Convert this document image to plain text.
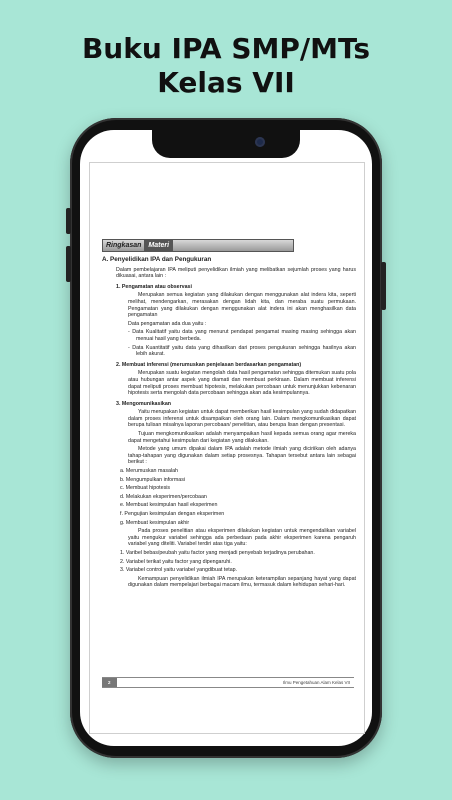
Buku IPA SMP/MTs
Kelas VII
Ringkasan Materi

A. Penyelidikan IPA dan Pengukuran

Dalam pembelajaran IPA meliputi penyelidikan ilmiah yang melibatkan sejumlah proses yang harus dikuasai, antara lain :

1. Pengamatan atau observasi

Merupakan semua kegiatan yang dilakukan dengan menggunakan alat indera kita, seperti melihat, mendengarkan, merasakan dengan lidah kita, dan meraba suatu permukaan. Pengamatan yang dilakukan dengan menggunakan alat indera ini akan menghasilkan data pengamatan

Data pengamatan ada dua yaitu :

- Data Kualitatif yaitu data yang menurut pendapat pengamat masing masing sehingga akan menuai hasil yang berbeda.

- Data Kuantitatif yaitu data yang dihasilkan dari proses pengukuran sehingga hasilnya akan lebih akurat.

2. Membuat inferensi (merumuskan penjelasan berdasarkan pengamatan)

Merupakan suatu kegiatan mengolah data hasil pengamatan sehingga ditemukan suatu pola atau hubungan antar aspek yang diamati dan membuat perkiraan. Dalam membuat inferensi dapat meliputi proses membuat hipotesis, melakukan percobaan untuk menunjukkan kebenaran hipotesis serta mengolah data percobaan sehingga akan ada kesimpulannya.

3. Mengomunikasikan

Yaitu merupakan kegiatan untuk dapat memberikan hasil kesimpulan yang sudah didapatkan dalam proses inferensi untuk disampaikan oleh orang lain. Dalam mengkomunikasikan dapat berupa tulisan misalnya laporan percobaan/ penelitian, atau berupa lisan dengan presentasi.

Tujuan mengkomunikasikan adalah menyampaikan hasil kepada semua orang agar mereka dapat mengetahui kesimpulan dari kegiatan yang dilakukan.

Metode yang umum dipakai dalam IPA adalah metode ilmiah yang diciriikan oleh adanya tahap-tahapan yang digunakan dalam setiap prosesnya. Tahapan tersebut antara lain sebagai berikut :

a. Merumuskan masalah

b. Mengumpulkan informasi

c. Membuat hipotesis

d. Melakukan eksperimen/percobaan

e. Membuat kesimpulan hasil eksperimen

f. Pengujian kesimpulan dengan eksperimen

g. Membuat kesimpulan akhir

Pada proses penelitian atau eksperimen dilakukan kegiatan untuk mengendalikan variabel yaitu mengukur variabel sehingga ada perbedaan pada akhir eksperimen karena pengaruh variabel yang diteliti. Variabel terdiri atas tiga yaitu:

1. Varibel bebas/peubah yaitu factor yang menjadi penyebab terjadinya perubahan.

2. Variabel terikat yaitu factor yang dipengaruhi.

3. Variabel control yaitu variabel yangdibuat tetap.

Kemampuan penyelidikan ilmiah IPA merupakan keterampilan sepanjang hayat yang dapat digunakan dalam mempelajari berbagai macam ilmu, termasuk dalam kehidupan sehari-hari.

2	Ilmu Pengetahuan Alam Kelas VII
